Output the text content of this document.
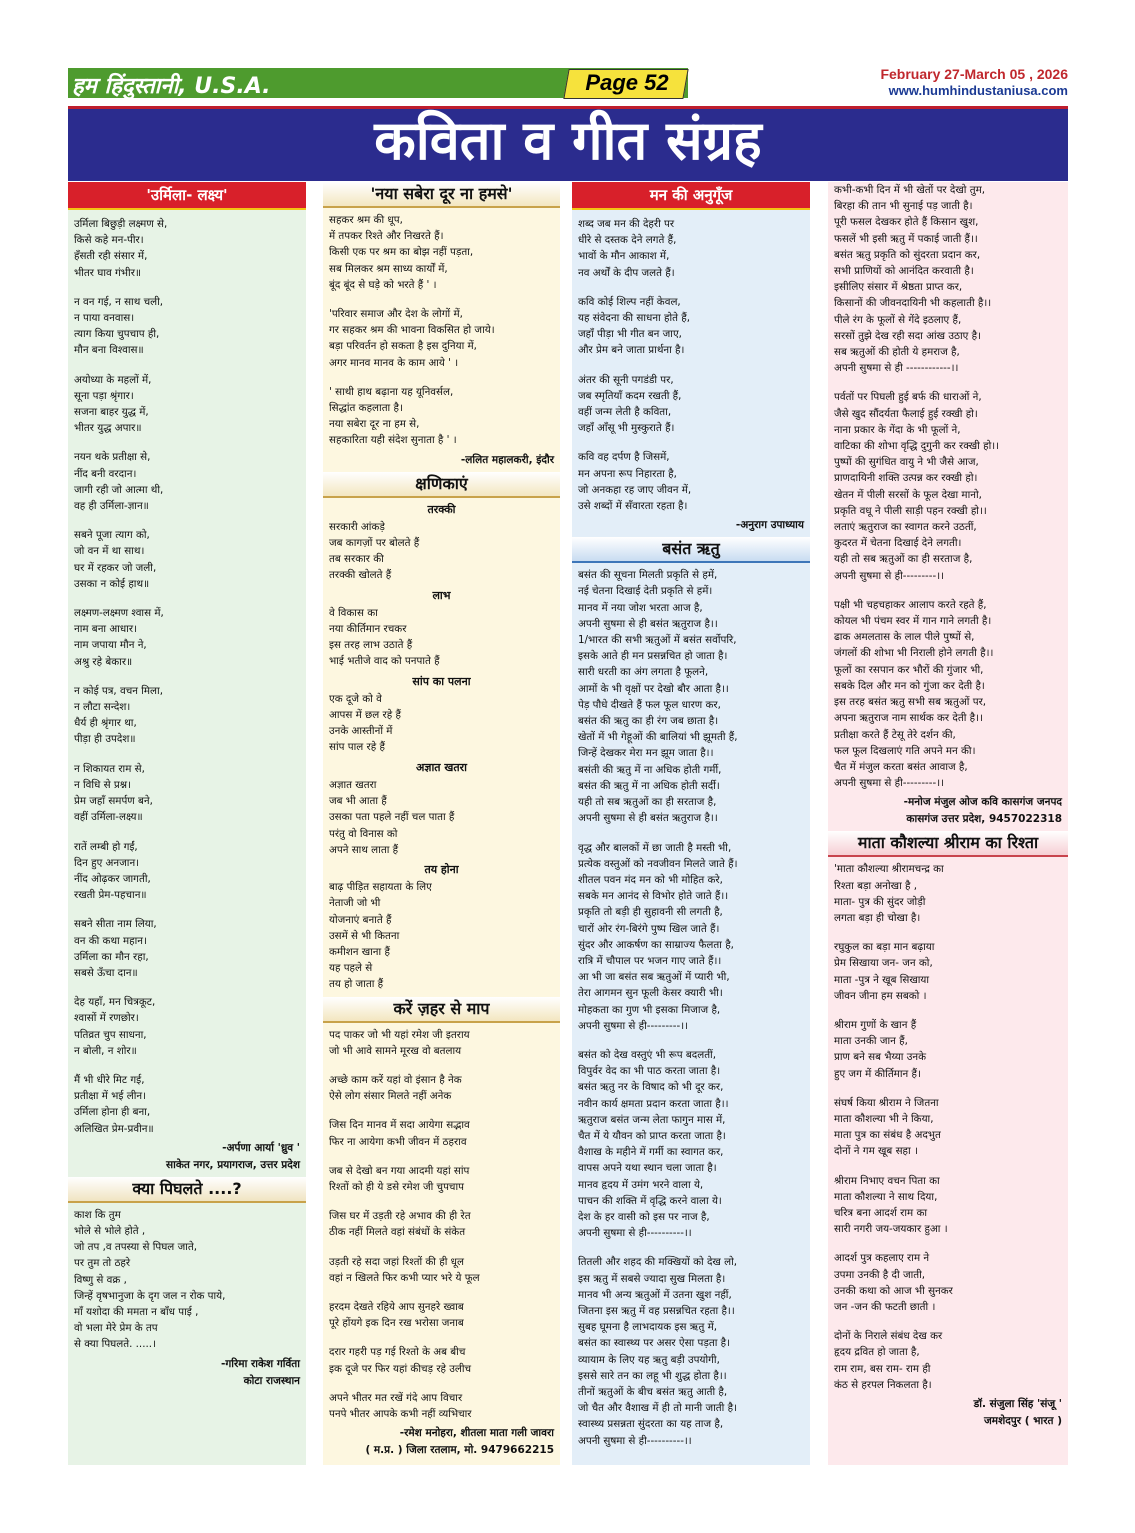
हम हिंदुस्तानी, U.S.A.	Page 52	February 27-March 05 , 2026
www.humhindustaniusa.com
कविता व गीत संग्रह
'उर्मिला- लक्ष्य'
उर्मिला बिछुड़ी लक्ष्मण से,
किसे कहे मन-पीर।
हँसती रही संसार में,
भीतर घाव गंभीर॥
न वन गई, न साथ चली,
न पाया वनवास।
त्याग किया चुपचाप ही,
मौन बना विश्वास॥
अयोध्या के महलों में,
सूना पड़ा श्रृंगार।
सजना बाहर युद्ध में,
भीतर युद्ध अपार॥
नयन थके प्रतीक्षा से,
नींद बनी वरदान।
जागी रही जो आत्मा थी,
वह ही उर्मिला-ज्ञान॥
सबने पूजा त्याग को,
जो वन में था साथ।
घर में रहकर जो जली,
उसका न कोई हाथ॥
लक्ष्मण-लक्ष्मण श्वास में,
नाम बना आधार।
नाम जपाया मौन ने,
अश्रु रहे बेकार॥
न कोई पत्र, वचन मिला,
न लौटा सन्देश।
धैर्य ही श्रृंगार था,
पीड़ा ही उपदेश॥
न शिकायत राम से,
न विधि से प्रश्न।
प्रेम जहाँ समर्पण बने,
वहीं उर्मिला-लक्ष्य॥
रातें लम्बी हो गईं,
दिन हुए अनजान।
नींद ओढ़कर जागती,
रखती प्रेम-पहचान॥
सबने सीता नाम लिया,
वन की कथा महान।
उर्मिला का मौन रहा,
सबसे ऊँचा दान॥
देह यहाँ, मन चित्रकूट,
श्वासों में रणछोर।
पतिव्रत चुप साधना,
न बोली, न शोर॥
मैं भी धीरे मिट गई,
प्रतीक्षा में भई लीन।
उर्मिला होना ही बना,
अलिखित प्रेम-प्रवीन॥
-अर्पणा आर्या 'ध्रुव '
साकेत नगर, प्रयागराज, उत्तर प्रदेश
क्या पिघलते ....?
काश कि तुम
भोले से भोले होते ,
जो तप ,व तपस्या से पिघल जाते,
पर तुम तो ठहरे
विष्णु से वक्र ,
जिन्हें वृषभानुजा के दृग जल न रोक पाये,
माँ यशोदा की ममता न बाँध पाई ,
वो भला मेरे प्रेम के तप
से क्या पिघलते. .....।
-गरिमा राकेश गर्विता
कोटा राजस्थान
'नया सबेरा दूर ना हमसे'
सहकर श्रम की धूप,
में तपकर रिश्ते और निखरते हैं।
किसी एक पर श्रम का बोझ नहीं पड़ता,
सब मिलकर श्रम साध्य कार्यों में,
बूंद बूंद से घड़े को भरते हैं ' ।
'परिवार समाज और देश के लोगों में,
गर सहकर श्रम की भावना विकसित हो जाये।
बड़ा परिवर्तन हो सकता है इस दुनिया में,
अगर मानव मानव के काम आये ' ।
' साथी हाथ बढ़ाना यह यूनिवर्सल,
सिद्धांत कहलाता है।
नया सबेरा दूर ना हम से,
सहकारिता यही संदेश सुनाता है ' ।
-ललित महालकरी, इंदौर
क्षणिकाएं
तरक्की
सरकारी आंकड़े
जब कागज़ों पर बोलते हैं
तब सरकार की
तरक्की खोलते हैं
लाभ
वे विकास का
नया कीर्तिमान रचकर
इस तरह लाभ उठाते हैं
भाई भतीजे वाद को पनपाते हैं
सांप का पलना
एक दूजे को वे
आपस में छल रहे हैं
उनके आस्तीनों में
सांप पाल रहे हैं
अज्ञात खतरा
अज्ञात खतरा
जब भी आता हैं
उसका पता पहले नहीं चल पाता हैं
परंतु वो विनास को
अपने साथ लाता हैं
तय होना
बाढ़ पीड़ित सहायता के लिए
नेताजी जो भी
योजनाएं बनाते हैं
उसमें से भी कितना
कमीशन खाना हैं
यह पहले से
तय हो जाता हैं
करें ज़हर से माप
पद पाकर जो भी यहां रमेश जी इतराय
जो भी आवे सामने मूरख वो बतलाय
अच्छे काम करें यहां वो इंसान है नेक
ऐसे लोग संसार मिलते नहीं अनेक
जिस दिन मानव में सदा आयेगा सद्भाव
फिर ना आयेगा कभी जीवन में ठहराव
जब से देखो बन गया आदमी यहां सांप
रिश्तों को ही ये डसे रमेश जी चुपचाप
जिस घर में उड़ती रहे अभाव की ही रेत
ठीक नहीं मिलते वहां संबंधों के संकेत
उड़ती रहे सदा जहां रिश्तों की ही धूल
वहां न खिलते फिर कभी प्यार भरे ये फूल
हरदम देखते रहिये आप सुनहरे ख्वाब
पूरे होंयगे इक दिन रख भरोसा जनाब
दरार गहरी पड़ गई रिश्तो के अब बीच
इक दूजे पर फिर यहां कीचड़ रहे उलीच
अपने भीतर मत रखें गंदे आप विचार
पनपे भीतर आपके कभी नहीं व्यभिचार
-रमेश मनोहरा, शीतला माता गली जावरा
( म.प्र. ) जिला रतलाम, मो. 9479662215
मन की अनुगूँज
शब्द जब मन की देहरी पर
धीरे से दस्तक देने लगते हैं,
भावों के मौन आकाश में,
नव अर्थों के दीप जलते हैं।
कवि कोई शिल्प नहीं केवल,
यह संवेदना की साधना होते हैं,
जहाँ पीड़ा भी गीत बन जाए,
और प्रेम बने जाता प्रार्थना है।
अंतर की सूनी पगडंडी पर,
जब स्मृतियाँ कदम रखती हैं,
वहीं जन्म लेती है कविता,
जहाँ आँसू भी मुस्कुराते हैं।
कवि वह दर्पण है जिसमें,
मन अपना रूप निहारता है,
जो अनकहा रह जाए जीवन में,
उसे शब्दों में सँवारता रहता है।
-अनुराग उपाध्याय
बसंत ऋतु
बसंत की सूचना मिलती प्रकृति से हमें,
नई चेतना दिखाई देती प्रकृति से हमें।
मानव में नया जोश भरता आज है,
अपनी सुषमा से ही बसंत ऋतुराज है।।
1/भारत की सभी ऋतुओं में बसंत सर्वोपरि,
इसके आते ही मन प्रसन्नचित हो जाता है।
सारी धरती का अंग लगता है फूलने,
आमों के भी वृक्षों पर देखो बौर आता है।।
पेड़ पौधे दीखते हैं फल फूल धारण कर,
बसंत की ऋतु का ही रंग जब छाता है।
खेतों में भी गेहूओं की बालियां भी झूमती हैं,
जिन्हें देखकर मेरा मन झूम जाता है।।
बसंती की ऋतु में ना अधिक होती गर्मी,
बसंत की ऋतु में ना अधिक होती सर्दी।
यही तो सब ऋतुओं का ही सरताज है,
अपनी सुषमा से ही बसंत ऋतुराज है।।
वृद्ध और बालकों में छा जाती है मस्ती भी,
प्रत्येक वस्तुओं को नवजीवन मिलते जाते हैं।
शीतल पवन मंद मन को भी मोहित करे,
सबके मन आनंद से विभोर होते जाते हैं।।
प्रकृति तो बड़ी ही सुहावनी सी लगती है,
चारों ओर रंग-बिरंगे पुष्प खिल जाते हैं।
सुंदर और आकर्षण का साम्राज्य फैलता है,
रात्रि में चौपाल पर भजन गाए जाते हैं।।
आ भी जा बसंत सब ऋतुओं में प्यारी भी,
तेरा आगमन सुन फूली केसर क्यारी भी।
मोहकता का गुण भी इसका मिजाज है,
अपनी सुषमा से ही---------।।
बसंत को देख वस्तुएं भी रूप बदलतीं,
विपुर्वर वेद का भी पाठ करता जाता है।
बसंत ऋतु नर के विषाद को भी दूर कर,
नवीन कार्य क्षमता प्रदान करता जाता है।।
ऋतुराज बसंत जन्म लेता फागुन मास में,
चैत में ये यौवन को प्राप्त करता जाता है।
वैशाख के महीने में गर्मी का स्वागत कर,
वापस अपने यथा स्थान चला जाता है।
मानव हृदय में उमंग भरने वाला ये,
पाचन की शक्ति में वृद्धि करने वाला ये।
देश के हर वासी को इस पर नाज है,
अपनी सुषमा से ही----------।।
तितली और शहद की मक्खियों को देख लो,
इस ऋतु में सबसे ज्यादा सुख मिलता है।
मानव भी अन्य ऋतुओं में उतना खुश नहीं,
जितना इस ऋतु में वह प्रसन्नचित रहता है।।
सुबह घूमना है लाभदायक इस ऋतु में,
बसंत का स्वास्थ्य पर असर ऐसा पड़ता है।
व्यायाम के लिए यह ऋतु बड़ी उपयोगी,
इससे सारे तन का लहू भी शुद्ध होता है।।
तीनों ऋतुओं के बीच बसंत ऋतु आती है,
जो चैत और वैशाख में ही तो मानी जाती है।
स्वास्थ्य प्रसन्नता सुंदरता का यह ताज है,
अपनी सुषमा से ही----------।।
कभी-कभी दिन में भी खेतों पर देखो तुम,
बिरहा की तान भी सुनाई पड़ जाती है।
पूरी फसल देखकर होते हैं किसान खुश,
फसलें भी इसी ऋतु में पकाई जाती हैं।।
बसंत ऋतु प्रकृति को सुंदरता प्रदान कर,
सभी प्राणियों को आनंदित करवाती है।
इसीलिए संसार में श्रेष्ठता प्राप्त कर,
किसानों की जीवनदायिनी भी कहलाती है।।
पीले रंग के फूलों से गेंदे इठलाए हैं,
सरसों तुझे देख रही सदा आंख उठाए है।
सब ऋतुओं की होती ये हमराज है,
अपनी सुषमा से ही ------------।।
पर्वतों पर पिघली हुई बर्फ की धाराओं ने,
जैसे खुद सौंदर्यता फैलाई हुई रक्खी हो।
नाना प्रकार के गेंदा के भी फूलों ने,
वाटिका की शोभा वृद्धि दुगुनी कर रक्खी हो।।
पुष्पों की सुगंधित वायु ने भी जैसे आज,
प्राणदायिनी शक्ति उत्पन्न कर रक्खी हो।
खेतन में पीली सरसों के फूल देखा मानो,
प्रकृति वधू ने पीली साड़ी पहन रक्खी हो।।
लताएं ऋतुराज का स्वागत करने उठतीं,
कुदरत में चेतना दिखाई देने लगती।
यही तो सब ऋतुओं का ही सरताज है,
अपनी सुषमा से ही---------।।
पक्षी भी चहचहाकर आलाप करते रहते हैं,
कोयल भी पंचम स्वर में गान गाने लगती है।
ढाक अमलतास के लाल पीले पुष्पों से,
जंगलों की शोभा भी निराली होने लगती है।।
फूलों का रसपान कर भौरों की गुंजार भी,
सबके दिल और मन को गुंजा कर देती है।
इस तरह बसंत ऋतु सभी सब ऋतुओं पर,
अपना ऋतुराज नाम सार्थक कर देती है।।
प्रतीक्षा करते हैं टेसू तेरे दर्शन की,
फल फूल दिखलाएं गति अपने मन की।
चैत में मंजुल करता बसंत आवाज है,
अपनी सुषमा से ही---------।।
-मनोज मंजुल ओज कवि कासगंज जनपद
कासगंज उत्तर प्रदेश, 9457022318
माता कौशल्या श्रीराम का रिश्ता
'माता कौशल्या श्रीरामचन्द्र का
रिश्ता बड़ा अनोखा है ,
माता- पुत्र की सुंदर जोड़ी
लगता बड़ा ही चोखा है।
रघुकुल का बड़ा मान बढ़ाया
प्रेम सिखाया जन- जन को,
माता -पुत्र ने खूब सिखाया
जीवन जीना हम सबको ।
श्रीराम गुणों के खान हैं
माता उनकी जान हैं,
प्राण बने सब भैय्या उनके
हुए जग में कीर्तिमान हैं।
संघर्ष किया श्रीराम ने जितना
माता कौशल्या भी ने किया,
माता पुत्र का संबंध है अदभुत
दोनों ने गम खूब सहा ।
श्रीराम निभाए वचन पिता का
माता कौशल्या ने साथ दिया,
चरित्र बना आदर्श राम का
सारी नगरी जय-जयकार हुआ ।
आदर्श पुत्र कहलाए राम ने
उपमा उनकी है दी जाती,
उनकी कथा को आज भी सुनकर
जन -जन की फटती छाती ।
दोनों के निराले संबंध देख कर
हृदय द्रवित हो जाता है,
राम राम, बस राम- राम ही
कंठ से हरपल निकलता है।
डॉ. संजुला सिंह 'संजू '
जमशेदपुर ( भारत )
